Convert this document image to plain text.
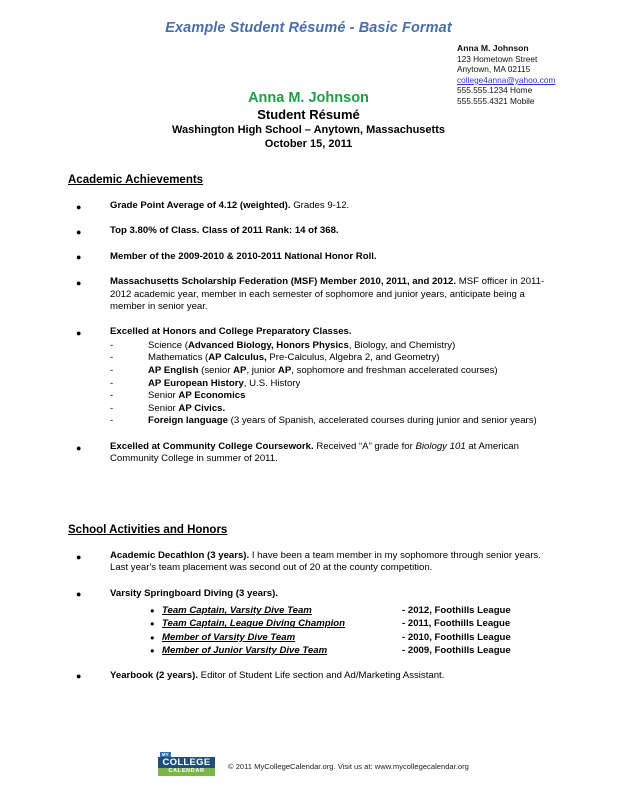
Example Student Résumé - Basic Format
Anna M. Johnson
123 Hometown Street
Anytown, MA 02115
college4anna@yahoo.com
555.555.1234 Home
555.555.4321 Mobile
Anna M. Johnson
Student Résumé
Washington High School – Anytown, Massachusetts
October 15, 2011
Academic Achievements
●	Grade Point Average of 4.12 (weighted). Grades 9-12.
●	Top 3.80% of Class. Class of 2011 Rank: 14 of 368.
●	Member of the 2009-2010 & 2010-2011 National Honor Roll.
●	Massachusetts Scholarship Federation (MSF) Member 2010, 2011, and 2012. MSF officer in 2011-2012 academic year, member in each semester of sophomore and junior years, anticipate being a member in senior year.
●	Excelled at Honors and College Preparatory Classes.
-	Science (Advanced Biology, Honors Physics, Biology, and Chemistry)
-	Mathematics (AP Calculus, Pre-Calculus, Algebra 2, and Geometry)
-	AP English (senior AP, junior AP, sophomore and freshman accelerated courses)
-	AP European History, U.S. History
-	Senior AP Economics
-	Senior AP Civics.
-	Foreign language (3 years of Spanish, accelerated courses during junior and senior years)
●	Excelled at Community College Coursework. Received “A” grade for Biology 101 at American Community College in summer of 2011.
School Activities and Honors
●	Academic Decathlon (3 years). I have been a team member in my sophomore through senior years. Last year's team placement was second out of 20 at the county competition.
●	Varsity Springboard Diving (3 years).
● Team Captain, Varsity Dive Team	- 2012, Foothills League
● Team Captain, League Diving Champion	- 2011, Foothills League
● Member of Varsity Dive Team	- 2010, Foothills League
● Member of Junior Varsity Dive Team	- 2009, Foothills League
●	Yearbook (2 years). Editor of Student Life section and Ad/Marketing Assistant.
MY
COLLEGE
CALENDAR	© 2011 MyCollegeCalendar.org. Visit us at: www.mycollegecalendar.org
